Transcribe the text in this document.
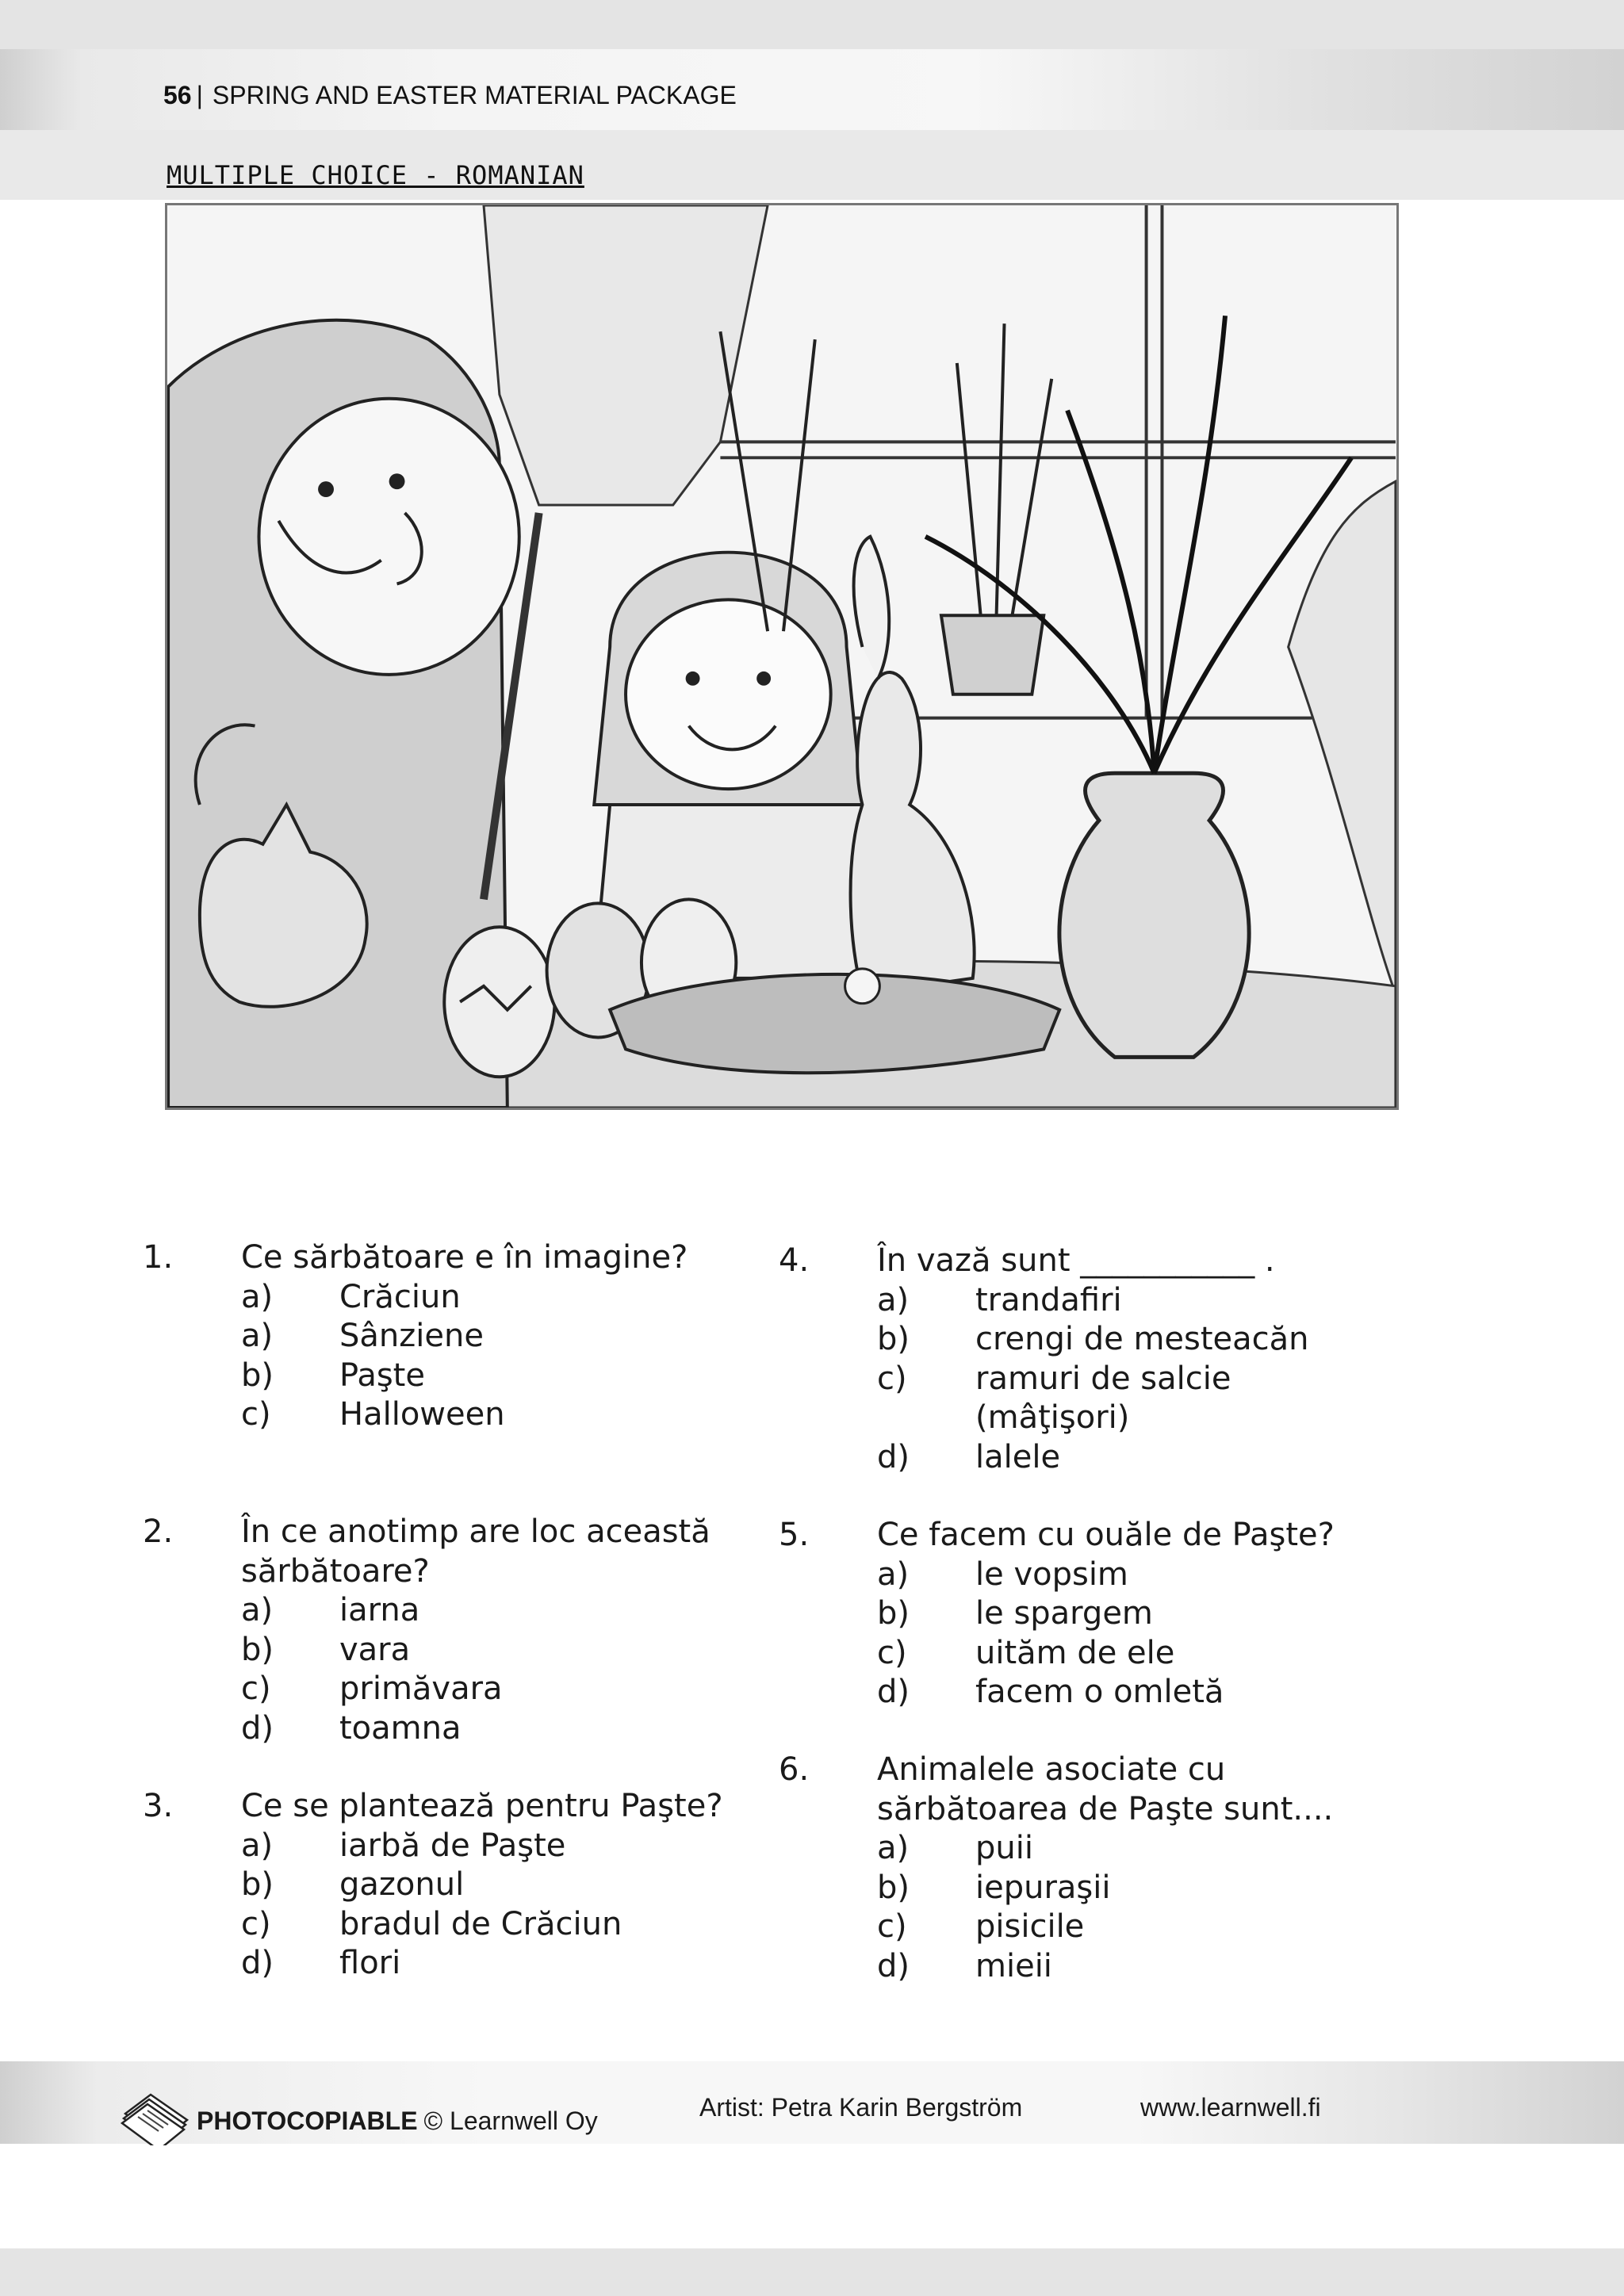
56 | SPRING AND EASTER MATERIAL PACKAGE
MULTIPLE CHOICE - ROMANIAN
1.	Ce sărbătoare e în imagine?
a)	Crăciun
a)	Sânziene
b)	Paşte
c)	Halloween
2.	În ce anotimp are loc această sărbătoare?
a)	iarna
b)	vara
c)	primăvara
d)	toamna
3.	Ce se plantează pentru Paşte?
a)	iarbă de Paşte
b)	gazonul
c)	bradul de Crăciun
d)	flori
4.	În vază sunt ___________ .
a)	trandafiri
b)	crengi de mesteacăn
c)	ramuri de salcie (mâţişori)
d)	lalele
5.	Ce facem cu ouăle de Paşte?
a)	le vopsim
b)	le spargem
c)	uităm de ele
d)	facem o omletă
6.	Animalele asociate cu sărbătoarea de Paşte sunt....
a)	puii
b)	iepuraşii
c)	pisicile
d)	mieii
PHOTOCOPIABLE © Learnwell Oy	Artist: Petra Karin Bergström	www.learnwell.fi
